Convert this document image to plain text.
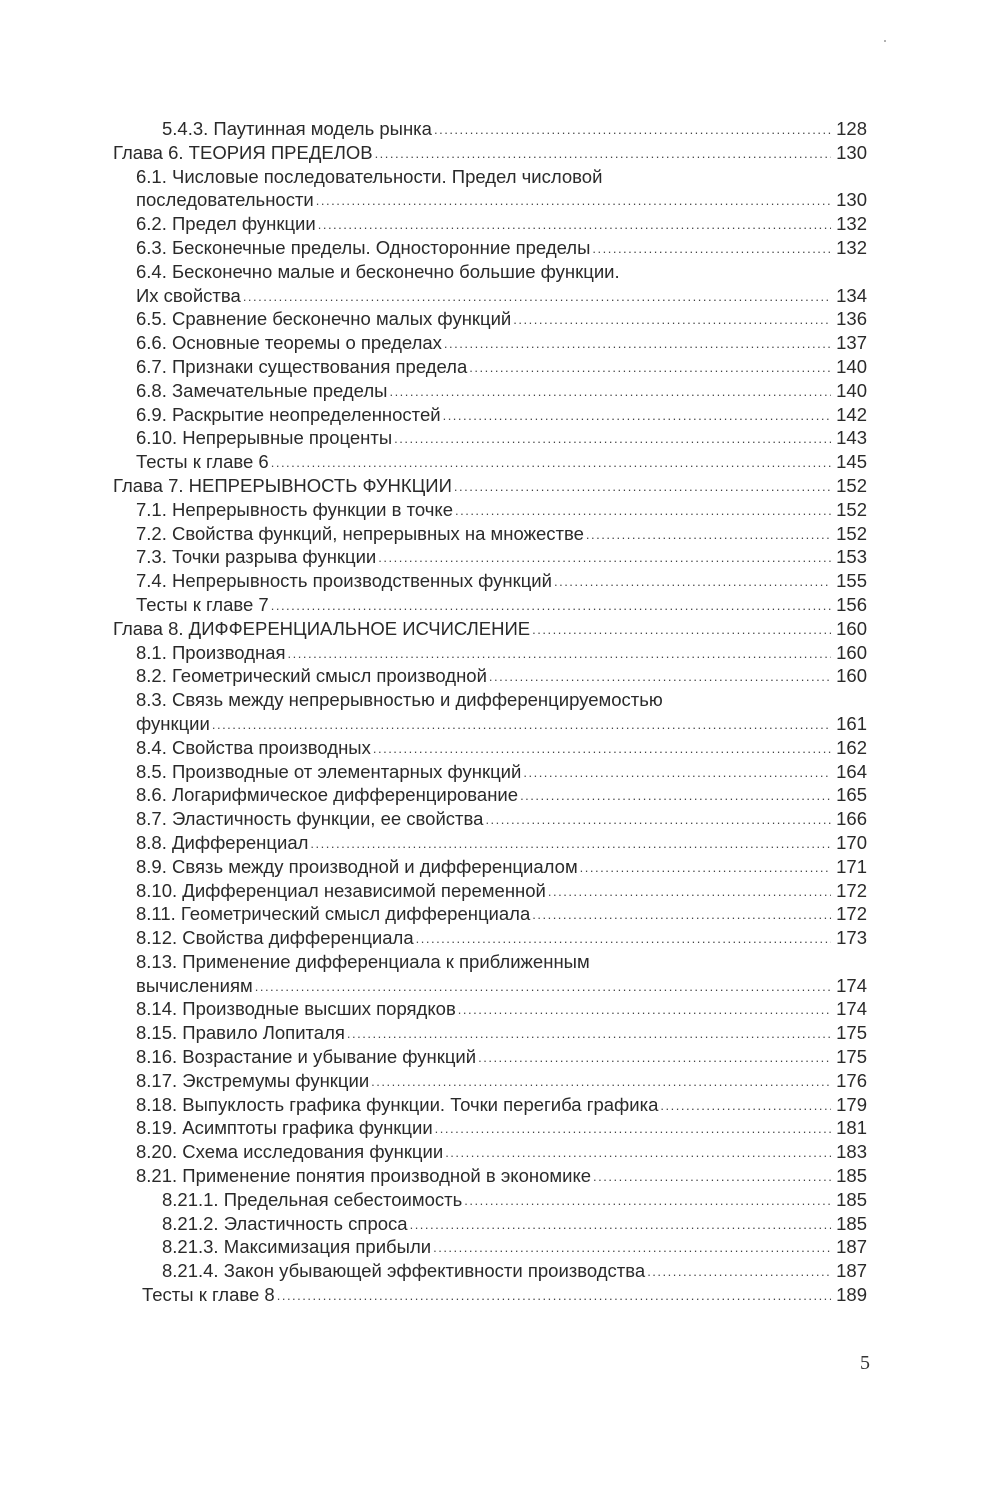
5.4.3. Паутинная модель рынка .....	128
Глава 6. ТЕОРИЯ ПРЕДЕЛОВ .....	130
6.1. Числовые последовательности. Предел числовой
последовательности .....	130
6.2. Предел функции .....	132
6.3. Бесконечные пределы. Односторонние пределы .....	132
6.4. Бесконечно малые и бесконечно большие функции.
Их свойства .....	134
6.5. Сравнение бесконечно малых функций .....	136
6.6. Основные теоремы о пределах .....	137
6.7. Признаки существования предела .....	140
6.8. Замечательные пределы .....	140
6.9. Раскрытие неопределенностей .....	142
6.10. Непрерывные проценты .....	143
Тесты к главе 6 .....	145
Глава 7. НЕПРЕРЫВНОСТЬ ФУНКЦИИ .....	152
7.1. Непрерывность функции в точке .....	152
7.2. Свойства функций, непрерывных на множестве .....	152
7.3. Точки разрыва функции .....	153
7.4. Непрерывность производственных функций .....	155
Тесты к главе 7 .....	156
Глава 8. ДИФФЕРЕНЦИАЛЬНОЕ ИСЧИСЛЕНИЕ .....	160
8.1. Производная .....	160
8.2. Геометрический смысл производной .....	160
8.3. Связь между непрерывностью и дифференцируемостью
функции .....	161
8.4. Свойства производных .....	162
8.5. Производные от элементарных функций .....	164
8.6. Логарифмическое дифференцирование .....	165
8.7. Эластичность функции, ее свойства .....	166
8.8. Дифференциал .....	170
8.9. Связь между производной и дифференциалом .....	171
8.10. Дифференциал независимой переменной .....	172
8.11. Геометрический смысл дифференциала .....	172
8.12. Свойства дифференциала .....	173
8.13. Применение дифференциала к приближенным
вычислениям .....	174
8.14. Производные высших порядков .....	174
8.15. Правило Лопиталя .....	175
8.16. Возрастание и убывание функций .....	175
8.17. Экстремумы функции .....	176
8.18. Выпуклость графика функции. Точки перегиба графика .....	179
8.19. Асимптоты графика функции .....	181
8.20. Схема исследования функции .....	183
8.21. Применение понятия производной в экономике .....	185
8.21.1. Предельная себестоимость .....	185
8.21.2. Эластичность спроса .....	185
8.21.3. Максимизация прибыли .....	187
8.21.4. Закон убывающей эффективности производства .....	187
Тесты к главе 8 .....	189
5
